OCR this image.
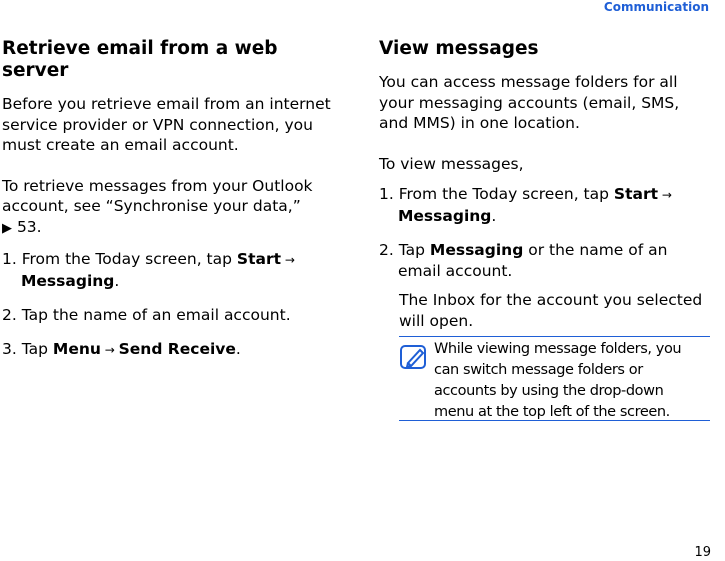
Communication
Retrieve email from a web server

Before you retrieve email from an internet service provider or VPN connection, you must create an email account.

To retrieve messages from your Outlook account, see “Synchronise your data,”
▶ 53.

1. From the Today screen, tap Start → Messaging.
2. Tap the name of an email account.
3. Tap Menu → Send Receive.
View messages

You can access message folders for all your messaging accounts (email, SMS, and MMS) in one location.

To view messages,

1. From the Today screen, tap Start → Messaging.
2. Tap Messaging or the name of an email account.
The Inbox for the account you selected will open.
While viewing message folders, you can switch message folders or accounts by using the drop-down menu at the top left of the screen.
19
